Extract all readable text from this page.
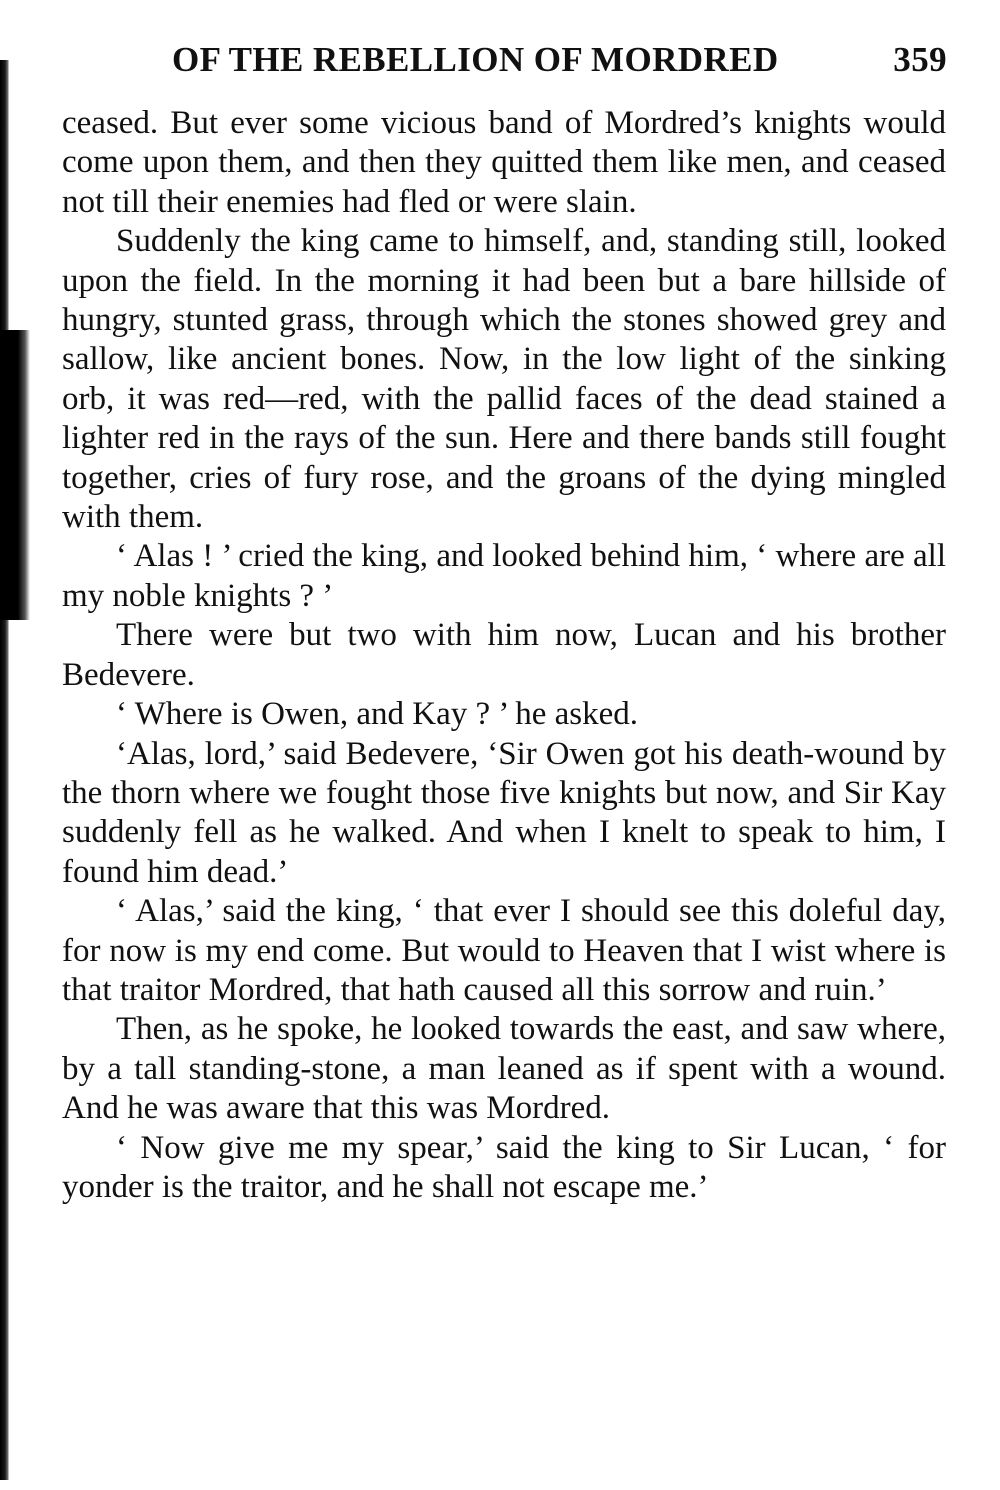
OF THE REBELLION OF MORDRED	359

ceased. But ever some vicious band of Mordred’s knights would come upon them, and then they quitted them like men, and ceased not till their enemies had fled or were slain.

Suddenly the king came to himself, and, standing still, looked upon the field. In the morning it had been but a bare hillside of hungry, stunted grass, through which the stones showed grey and sallow, like ancient bones. Now, in the low light of the sinking orb, it was red—red, with the pallid faces of the dead stained a lighter red in the rays of the sun. Here and there bands still fought together, cries of fury rose, and the groans of the dying mingled with them.

‘ Alas ! ’ cried the king, and looked behind him, ‘ where are all my noble knights ? ’

There were but two with him now, Lucan and his brother Bedevere.

‘ Where is Owen, and Kay ? ’ he asked.

‘Alas, lord,’ said Bedevere, ‘Sir Owen got his death-wound by the thorn where we fought those five knights but now, and Sir Kay suddenly fell as he walked. And when I knelt to speak to him, I found him dead.’

‘ Alas,’ said the king, ‘ that ever I should see this doleful day, for now is my end come. But would to Heaven that I wist where is that traitor Mordred, that hath caused all this sorrow and ruin.’

Then, as he spoke, he looked towards the east, and saw where, by a tall standing-stone, a man leaned as if spent with a wound. And he was aware that this was Mordred.

‘ Now give me my spear,’ said the king to Sir Lucan, ‘ for yonder is the traitor, and he shall not escape me.’
